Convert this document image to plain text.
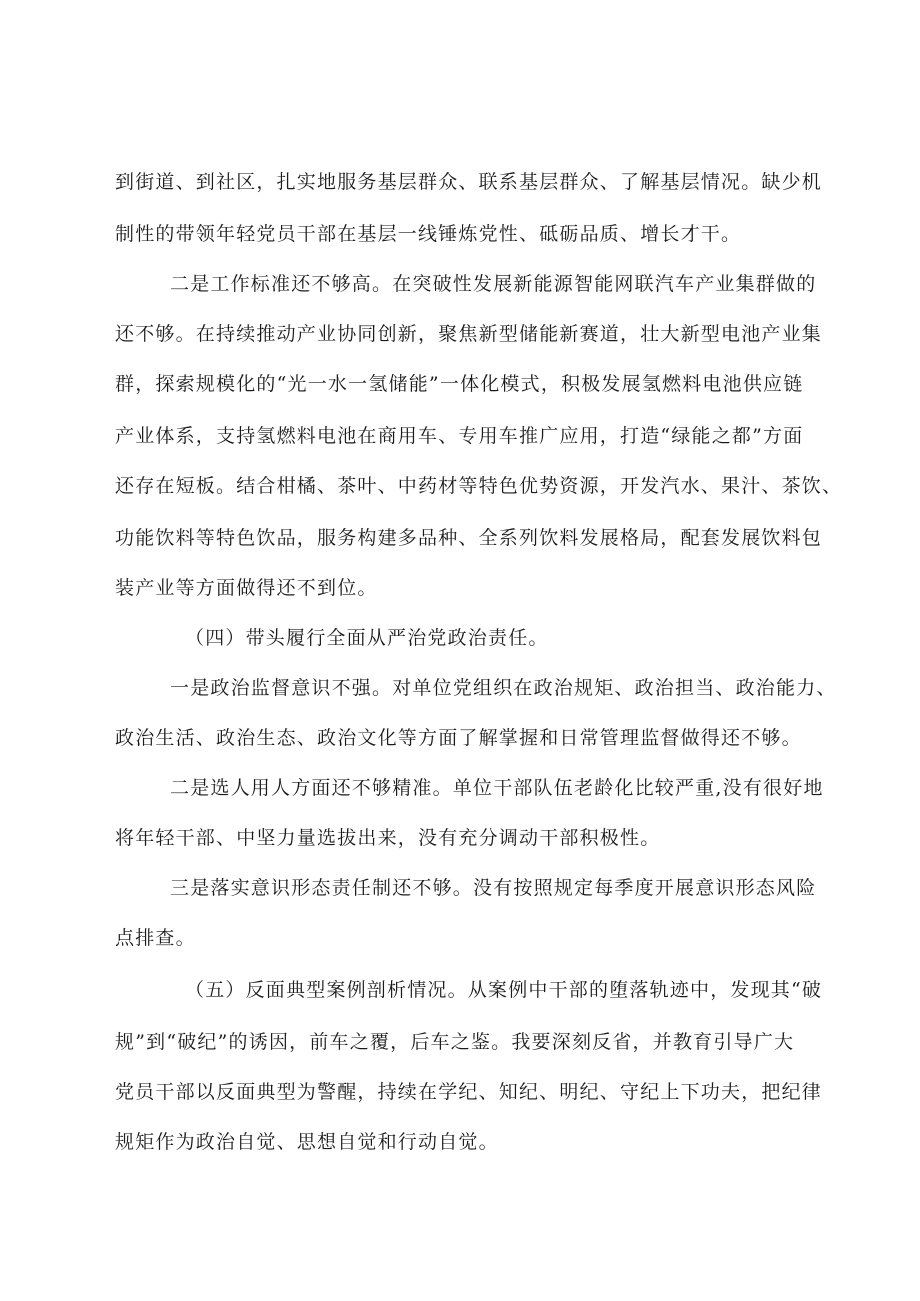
到街道、到社区，扎实地服务基层群众、联系基层群众、了解基层情况。缺少机
制性的带领年轻党员干部在基层一线锤炼党性、砥砺品质、增长才干。
二是工作标准还不够高。在突破性发展新能源智能网联汽车产业集群做的
还不够。在持续推动产业协同创新，聚焦新型储能新赛道，壮大新型电池产业集
群，探索规模化的“光一水一氢储能”一体化模式，积极发展氢燃料电池供应链
产业体系，支持氢燃料电池在商用车、专用车推广应用，打造“绿能之都”方面
还存在短板。结合柑橘、茶叶、中药材等特色优势资源，开发汽水、果汁、茶饮、
功能饮料等特色饮品，服务构建多品种、全系列饮料发展格局，配套发展饮料包
装产业等方面做得还不到位。
（四）带头履行全面从严治党政治责任。
一是政治监督意识不强。对单位党组织在政治规矩、政治担当、政治能力、
政治生活、政治生态、政治文化等方面了解掌握和日常管理监督做得还不够。
二是选人用人方面还不够精准。单位干部队伍老龄化比较严重,没有很好地
将年轻干部、中坚力量选拔出来，没有充分调动干部积极性。
三是落实意识形态责任制还不够。没有按照规定每季度开展意识形态风险
点排查。
（五）反面典型案例剖析情况。从案例中干部的堕落轨迹中，发现其“破
规”到“破纪”的诱因，前车之覆，后车之鉴。我要深刻反省，并教育引导广大
党员干部以反面典型为警醒，持续在学纪、知纪、明纪、守纪上下功夫，把纪律
规矩作为政治自觉、思想自觉和行动自觉。
